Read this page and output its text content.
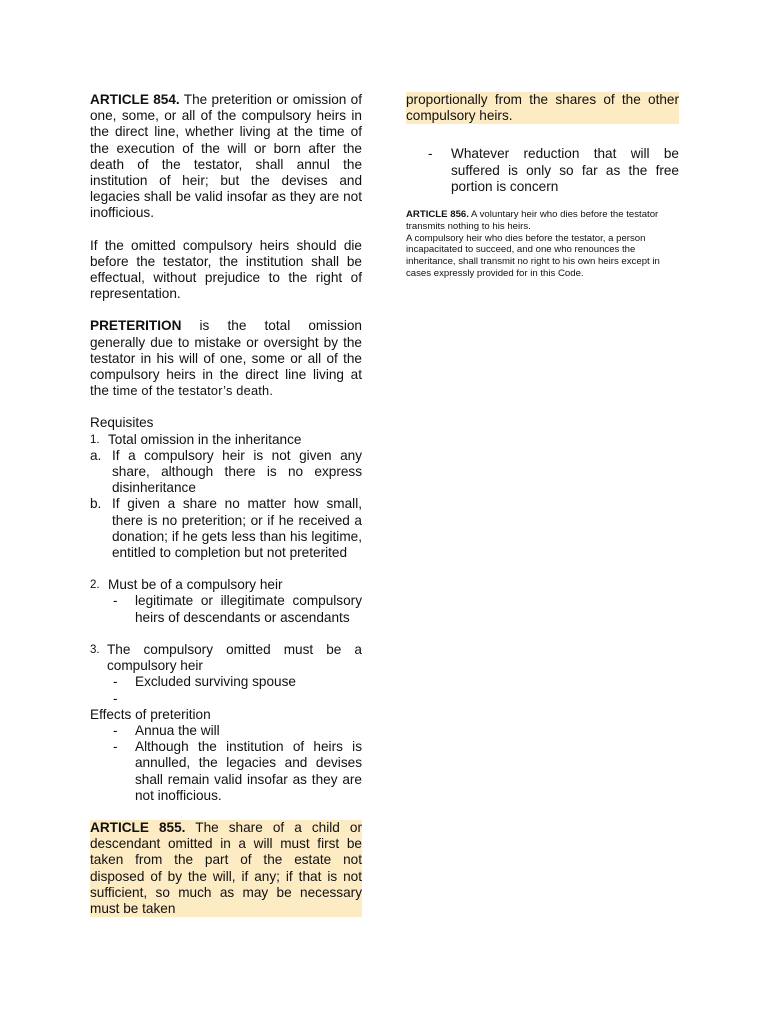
ARTICLE 854. The preterition or omission of one, some, or all of the compulsory heirs in the direct line, whether living at the time of the execution of the will or born after the death of the testator, shall annul the institution of heir; but the devises and legacies shall be valid insofar as they are not inofficious.

If the omitted compulsory heirs should die before the testator, the institution shall be effectual, without prejudice to the right of representation.

PRETERITION is the total omission generally due to mistake or oversight by the testator in his will of one, some or all of the compulsory heirs in the direct line living at the time of the testator’s death.

Requisites

1. Total omission in the inheritance
a. If a compulsory heir is not given any share, although there is no express disinheritance
b. If given a share no matter how small, there is no preterition; or if he received a donation; if he gets less than his legitime, entitled to completion but not preterited
2. Must be of a compulsory heir
-	legitimate or illegitimate compulsory heirs of descendants or ascendants
3. The compulsory omitted must be a compulsory heir
-	Excluded surviving spouse
-

Effects of preterition

-	Annua the will
-	Although the institution of heirs is annulled, the legacies and devises shall remain valid insofar as they are not inofficious.

ARTICLE 855. The share of a child or descendant omitted in a will must first be taken from the part of the estate not disposed of by the will, if any; if that is not sufficient, so much as may be necessary must be taken

proportionally from the shares of the other compulsory heirs.

-	Whatever reduction that will be suffered is only so far as the free portion is concern

ARTICLE 856. A voluntary heir who dies before the testator transmits nothing to his heirs.

A compulsory heir who dies before the testator, a person incapacitated to succeed, and one who renounces the inheritance, shall transmit no right to his own heirs except in cases expressly provided for in this Code.
